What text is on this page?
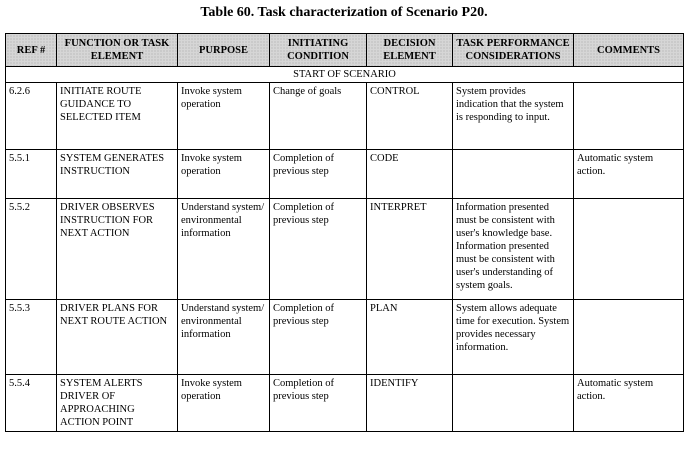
Table 60. Task characterization of Scenario P20.
REF #	FUNCTION OR TASK ELEMENT	PURPOSE	INITIATING CONDITION	DECISION ELEMENT	TASK PERFORMANCE CONSIDERATIONS	COMMENTS
START OF SCENARIO						
6.2.6	INITIATE ROUTE GUIDANCE TO SELECTED ITEM	Invoke system operation	Change of goals	CONTROL	System provides indication that the system is responding to input.	
5.5.1	SYSTEM GENERATES INSTRUCTION	Invoke system operation	Completion of previous step	CODE		Automatic system action.
5.5.2	DRIVER OBSERVES INSTRUCTION FOR NEXT ACTION	Understand system/ environmental information	Completion of previous step	INTERPRET	Information presented must be consistent with user's knowledge base. Information presented must be consistent with user's understanding of system goals.	
5.5.3	DRIVER PLANS FOR NEXT ROUTE ACTION	Understand system/ environmental information	Completion of previous step	PLAN	System allows adequate time for execution. System provides necessary information.	
5.5.4	SYSTEM ALERTS DRIVER OF APPROACHING ACTION POINT	Invoke system operation	Completion of previous step	IDENTIFY		Automatic system action.
